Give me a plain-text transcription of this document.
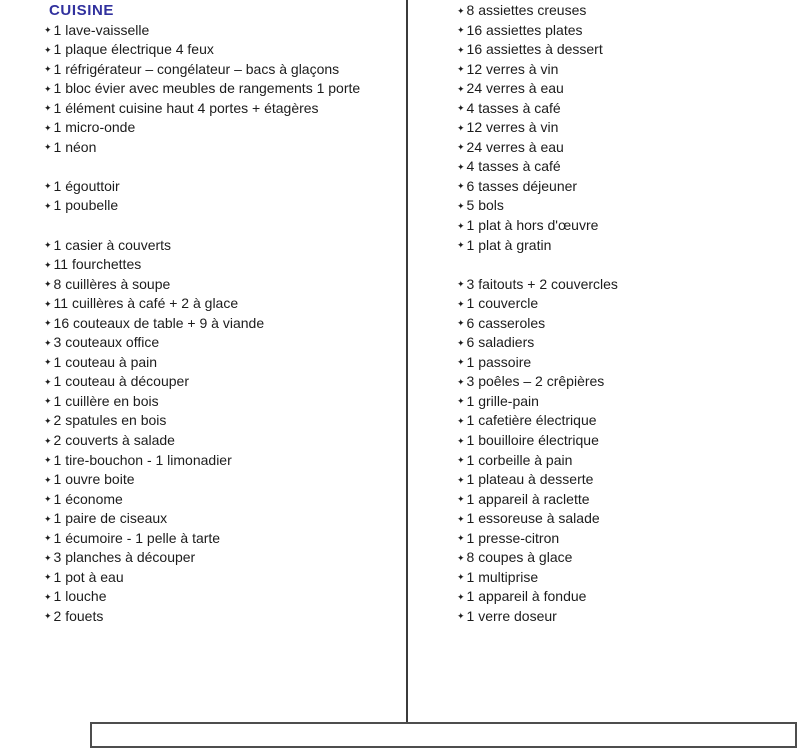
CUISINE
✦ 1 lave-vaisselle
✦ 1 plaque électrique 4 feux
✦ 1 réfrigérateur – congélateur – bacs à glaçons
✦ 1 bloc évier avec meubles de rangements 1 porte
✦ 1 élément cuisine haut 4 portes + étagères
✦ 1 micro-onde
✦ 1 néon
✦ 1 égouttoir
✦ 1 poubelle
✦ 1 casier à couverts
✦ 11 fourchettes
✦ 8 cuillères à soupe
✦ 11 cuillères à café + 2 à glace
✦ 16 couteaux de table + 9 à viande
✦ 3 couteaux office
✦ 1 couteau à pain
✦ 1 couteau à découper
✦ 1 cuillère en bois
✦ 2 spatules en bois
✦ 2 couverts à salade
✦ 1 tire-bouchon - 1 limonadier
✦ 1 ouvre boite
✦ 1 économe
✦ 1 paire de ciseaux
✦ 1 écumoire - 1 pelle à tarte
✦ 3 planches à découper
✦ 1 pot à eau
✦ 1 louche
✦ 2 fouets
✦ 8 assiettes creuses
✦ 16 assiettes plates
✦ 16 assiettes à dessert
✦ 12 verres à vin
✦ 24 verres à eau
✦ 4 tasses à café
✦ 12 verres à vin
✦ 24 verres à eau
✦ 4 tasses à café
✦ 6 tasses déjeuner
✦ 5 bols
✦ 1 plat à hors d'œuvre
✦ 1 plat à gratin
✦ 3 faitouts + 2 couvercles
✦ 1 couvercle
✦ 6 casseroles
✦ 6 saladiers
✦ 1 passoire
✦ 3 poêles – 2 crêpières
✦ 1 grille-pain
✦ 1 cafetière électrique
✦ 1 bouilloire électrique
✦ 1 corbeille à pain
✦ 1 plateau à desserte
✦ 1 appareil à raclette
✦ 1 essoreuse à salade
✦ 1 presse-citron
✦ 8 coupes à glace
✦ 1 multiprise
✦ 1 appareil à fondue
✦ 1 verre doseur
